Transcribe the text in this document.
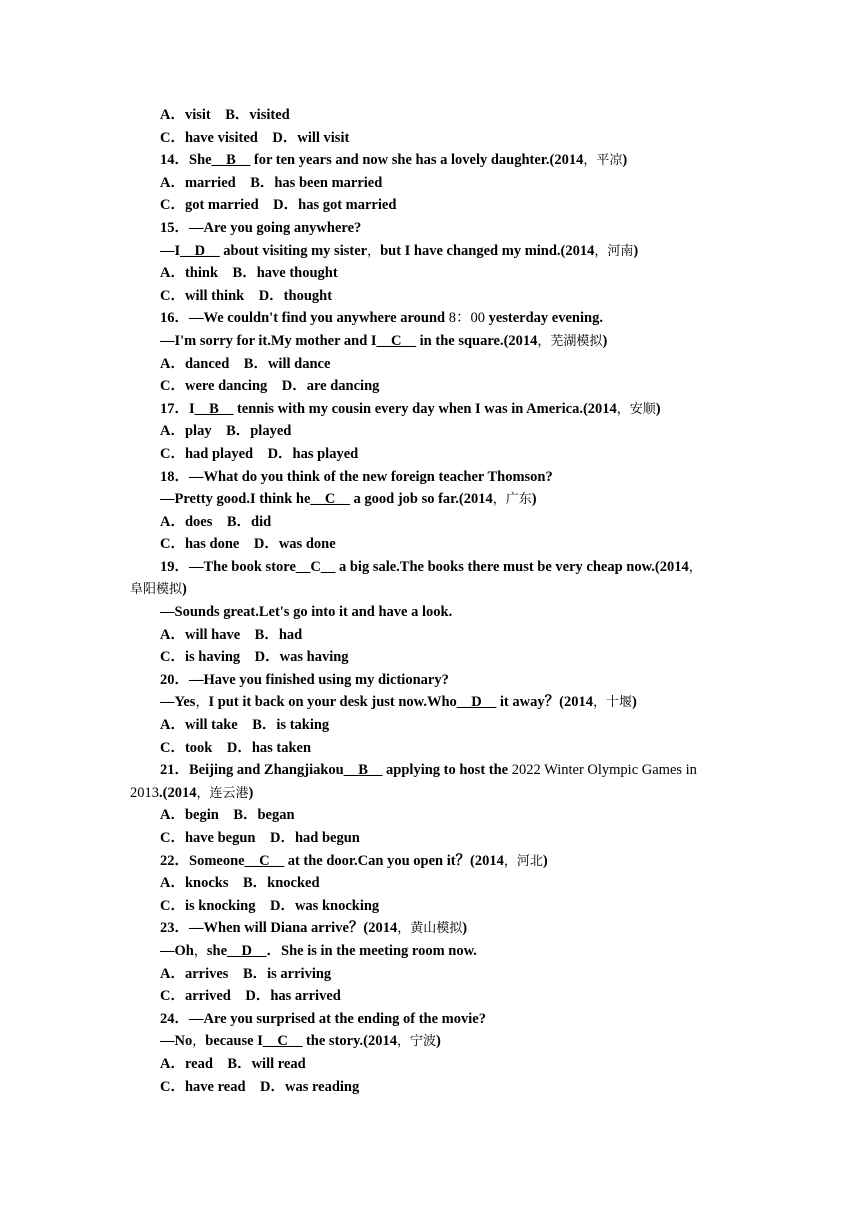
A．visit　B．visited
C．have visited　D．will visit
14．She__B__ for ten years and now she has a lovely daughter.(2014，平凉)
A．married　B．has been married
C．got married　D．has got married
15．—Are you going anywhere?
—I__D__ about visiting my sister，but I have changed my mind.(2014，河南)
A．think　B．have thought
C．will think　D．thought
16．—We couldn't find you anywhere around 8：00 yesterday evening.
—I'm sorry for it.My mother and I__C__ in the square.(2014，芜湖模拟)
A．danced　B．will dance
C．were dancing　D．are dancing
17．I__B__ tennis with my cousin every day when I was in America.(2014，安顺)
A．play　B．played
C．had played　D．has played
18．—What do you think of the new foreign teacher Thomson?
—Pretty good.I think he__C__ a good job so far.(2014，广东)
A．does　B．did
C．has done　D．was done
19．—The book store__C__ a big sale.The books there must be very cheap now.(2014，
阜阳模拟)
—Sounds great.Let's go into it and have a look.
A．will have　B．had
C．is having　D．was having
20．—Have you finished using my dictionary?
—Yes，I put it back on your desk just now.Who__D__ it away？(2014，十堰)
A．will take　B．is taking
C．took　D．has taken
21．Beijing and Zhangjiakou__B__ applying to host the 2022 Winter Olympic Games in
2013.(2014，连云港)
A．begin　B．began
C．have begun　D．had begun
22．Someone__C__ at the door.Can you open it？(2014，河北)
A．knocks　B．knocked
C．is knocking　D．was knocking
23．—When will Diana arrive？(2014，黄山模拟)
—Oh，she__D__．She is in the meeting room now.
A．arrives　B．is arriving
C．arrived　D．has arrived
24．—Are you surprised at the ending of the movie?
—No，because I__C__ the story.(2014，宁波)
A．read　B．will read
C．have read　D．was reading
